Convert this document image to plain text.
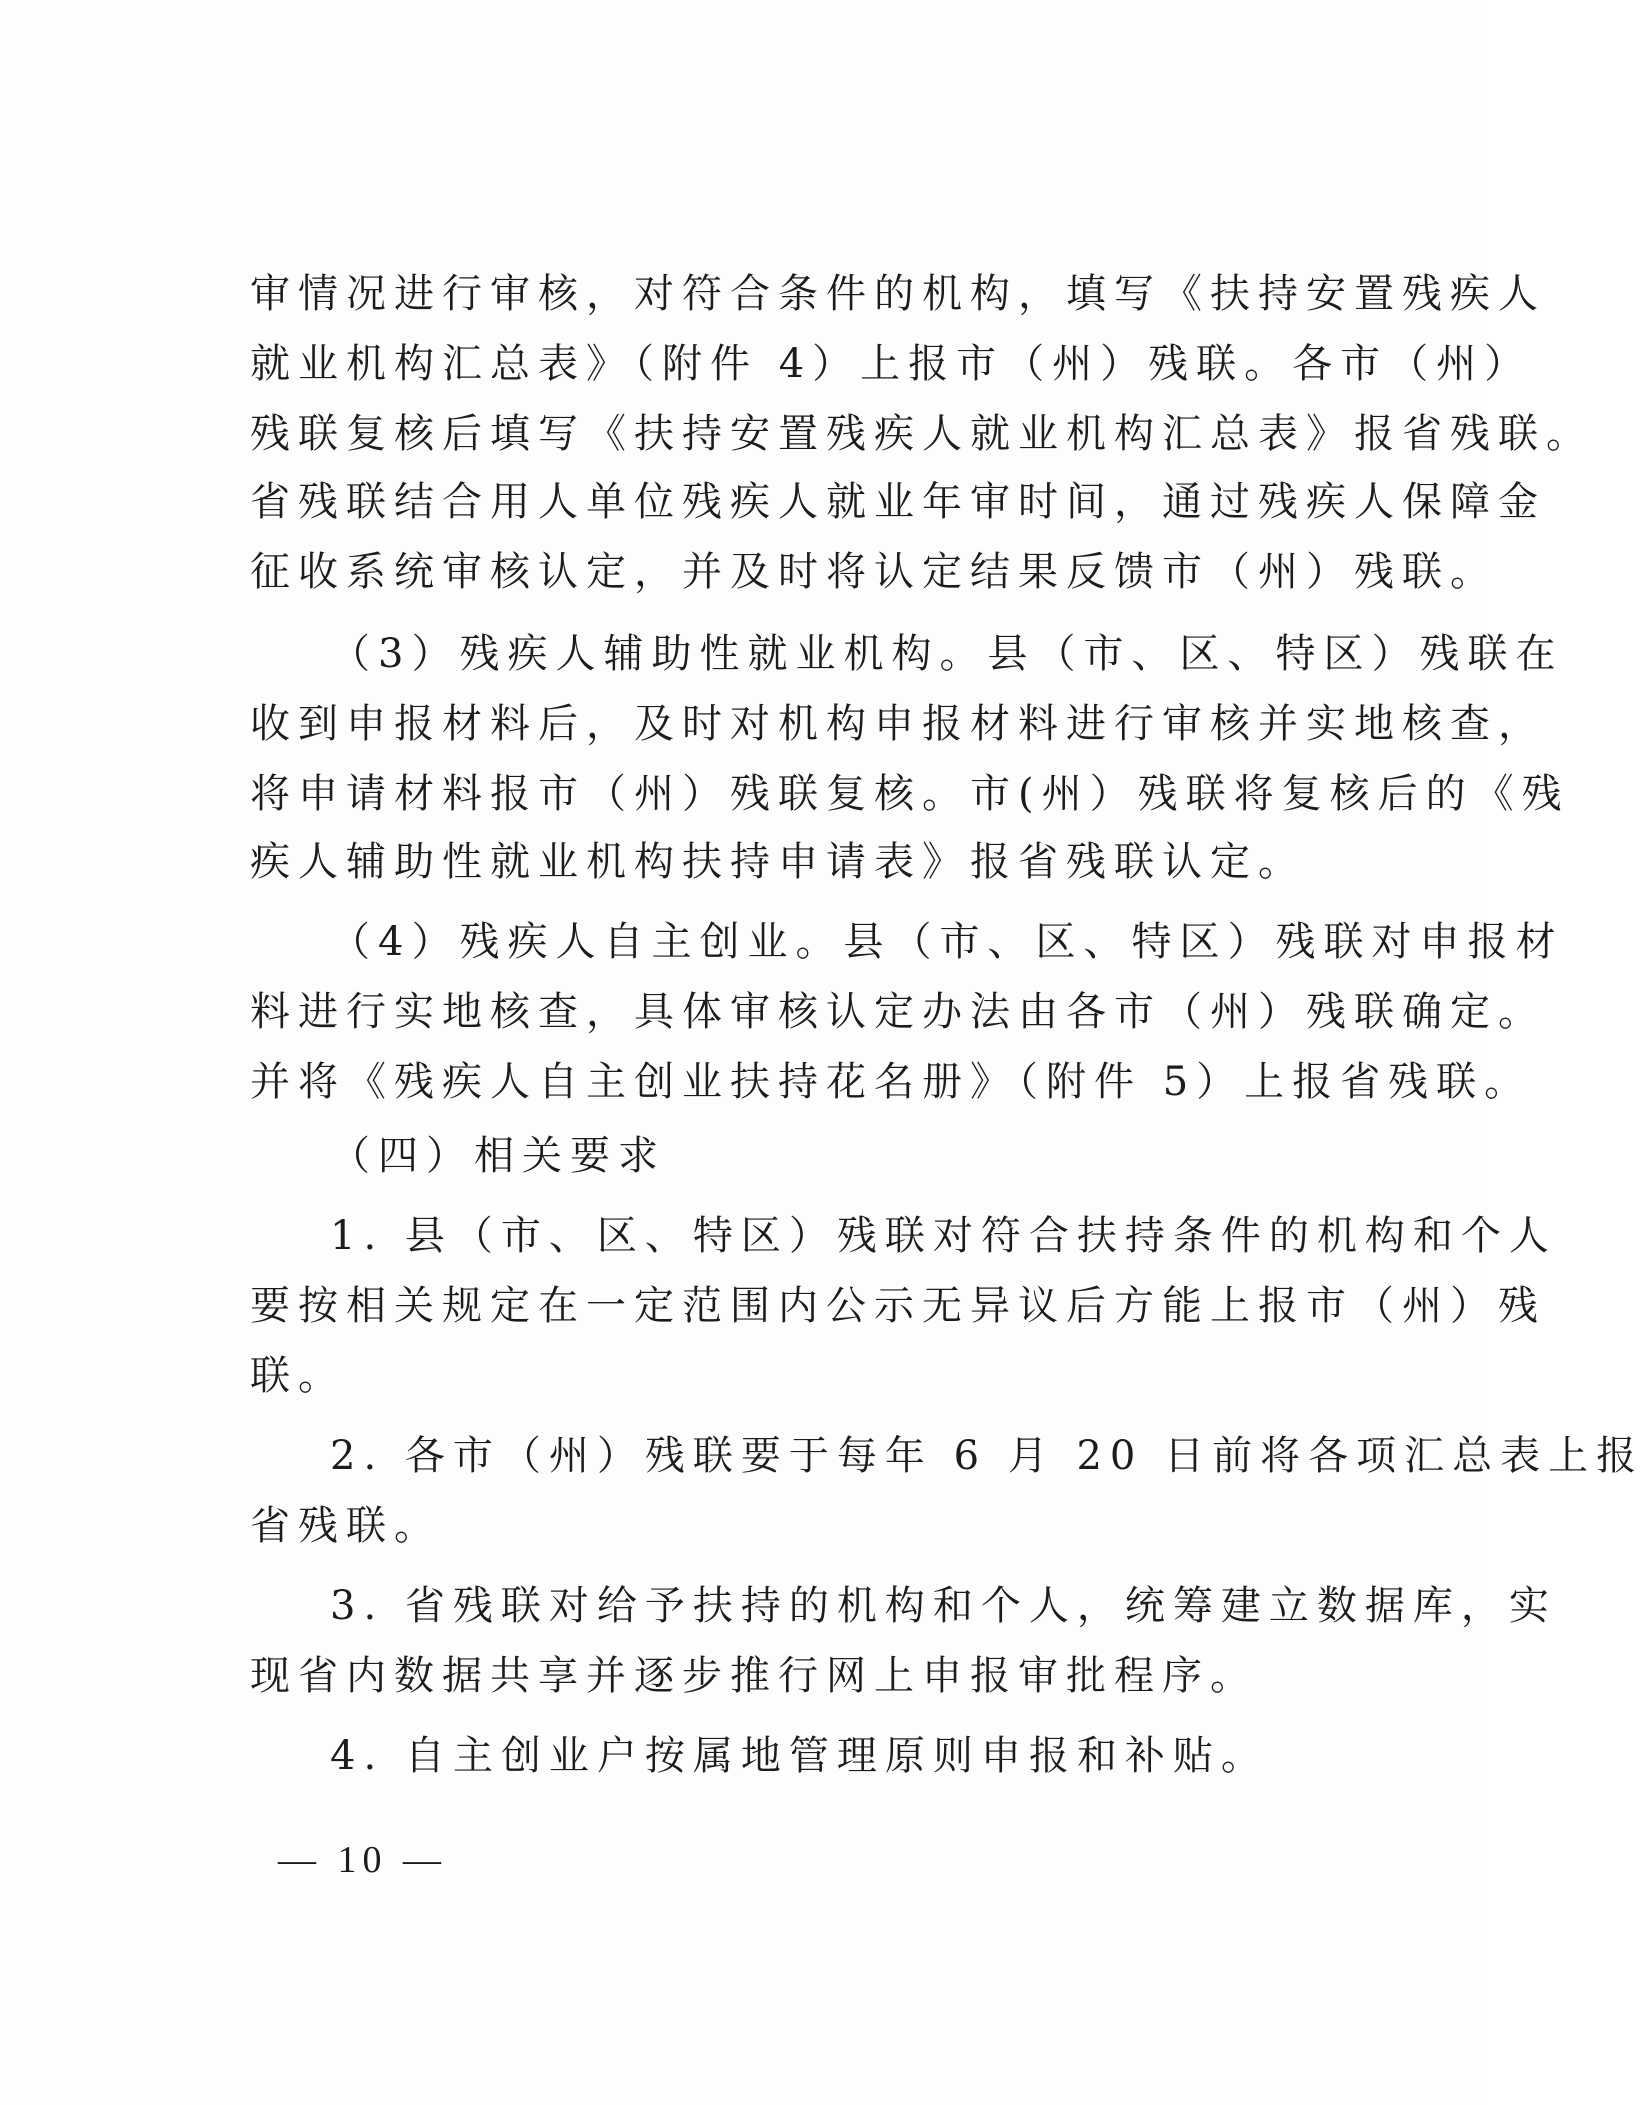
审情况进行审核，对符合条件的机构，填写《扶持安置残疾人
就业机构汇总表》（附件 4）上报市（州）残联。各市（州）
残联复核后填写《扶持安置残疾人就业机构汇总表》报省残联。
省残联结合用人单位残疾人就业年审时间，通过残疾人保障金
征收系统审核认定，并及时将认定结果反馈市（州）残联。
（3）残疾人辅助性就业机构。县（市、区、特区）残联在
收到申报材料后，及时对机构申报材料进行审核并实地核查，
将申请材料报市（州）残联复核。市(州）残联将复核后的《残
疾人辅助性就业机构扶持申请表》报省残联认定。
（4）残疾人自主创业。县（市、区、特区）残联对申报材
料进行实地核查，具体审核认定办法由各市（州）残联确定。
并将《残疾人自主创业扶持花名册》（附件 5）上报省残联。
（四）相关要求
1. 县（市、区、特区）残联对符合扶持条件的机构和个人
要按相关规定在一定范围内公示无异议后方能上报市（州）残
联。
2. 各市（州）残联要于每年 6 月 20 日前将各项汇总表上报
省残联。
3. 省残联对给予扶持的机构和个人，统筹建立数据库，实
现省内数据共享并逐步推行网上申报审批程序。
4. 自主创业户按属地管理原则申报和补贴。
— 10 —
